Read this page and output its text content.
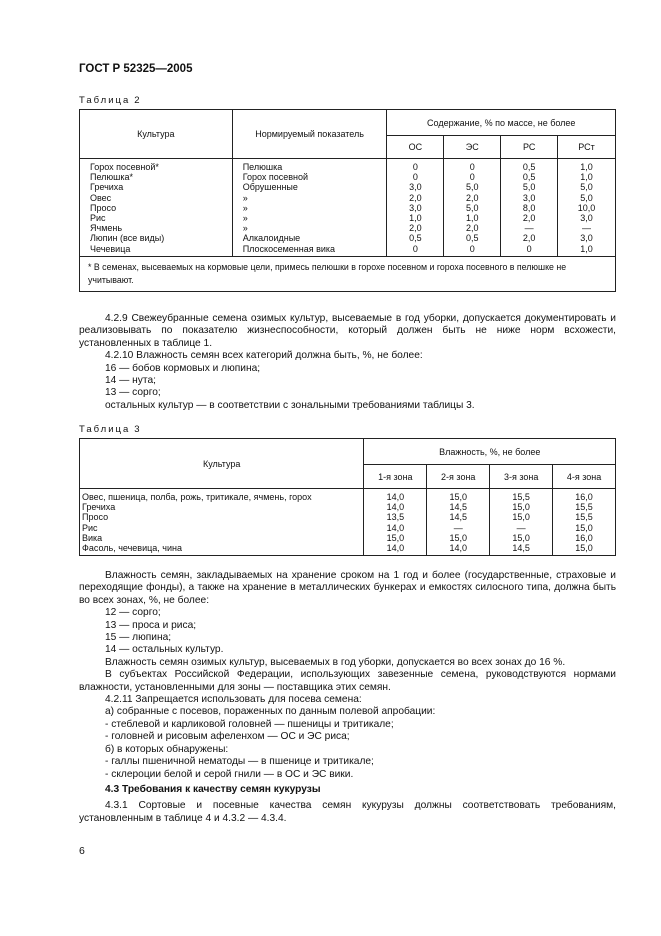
ГОСТ Р 52325—2005
Таблица 2
Культура	Нормируемый показатель	Содержание, % по массе, не более			
		ОС	ЭС	РС	РСт
Горох посевной*	Пелюшка	0	0	0,5	1,0
Пелюшка*	Горох посевной	0	0	0,5	1,0
Гречиха	Обрушенные	3,0	5,0	5,0	5,0
Овес	»	2,0	2,0	3,0	5,0
Просо	»	3,0	5,0	8,0	10,0
Рис	»	1,0	1,0	2,0	3,0
Ячмень	»	2,0	2,0	—	—
Люпин (все виды)	Алкалоидные	0,5	0,5	2,0	3,0
Чечевица	Плоскосеменная вика	0	0	0	1,0
* В семенах, высеваемых на кормовые цели, примесь пелюшки в горохе посевном и гороха посевного в пелюшке не учитывают.					

4.2.9 Свежеубранные семена озимых культур, высеваемые в год уборки, допускается документировать и реализовывать по показателю жизнеспособности, который должен быть не ниже норм всхожести, установленных в таблице 1.

4.2.10 Влажность семян всех категорий должна быть, %, не более:

16 — бобов кормовых и люпина;

14 — нута;

13 — сорго;

остальных культур — в соответствии с зональными требованиями таблицы 3.

Таблица 3
Культура	Влажность, %, не более			
	1-я зона	2-я зона	3-я зона	4-я зона
Овес, пшеница, полба, рожь, тритикале, ячмень, горох	14,0	15,0	15,5	16,0
Гречиха	14,0	14,5	15,0	15,5
Просо	13,5	14,5	15,0	15,5
Рис	14,0	—	—	15,0
Вика	15,0	15,0	15,0	16,0
Фасоль, чечевица, чина	14,0	14,0	14,5	15,0

Влажность семян, закладываемых на хранение сроком на 1 год и более (государственные, страховые и переходящие фонды), а также на хранение в металлических бункерах и емкостях силосного типа, должна быть во всех зонах, %, не более:

12 — сорго;

13 — проса и риса;

15 — люпина;

14 — остальных культур.

Влажность семян озимых культур, высеваемых в год уборки, допускается во всех зонах до 16 %.

В субъектах Российской Федерации, использующих завезенные семена, руководствуются нормами влажности, установленными для зоны — поставщика этих семян.

4.2.11 Запрещается использовать для посева семена:

а) собранные с посевов, пораженных по данным полевой апробации:

- стеблевой и карликовой головней — пшеницы и тритикале;

- головней и рисовым афеленхом — ОС и ЭС риса;

б) в которых обнаружены:

- галлы пшеничной нематоды — в пшенице и тритикале;

- склероции белой и серой гнили — в ОС и ЭС вики.

4.3 Требования к качеству семян кукурузы

4.3.1 Сортовые и посевные качества семян кукурузы должны соответствовать требованиям, установленным в таблице 4 и 4.3.2 — 4.3.4.

6
